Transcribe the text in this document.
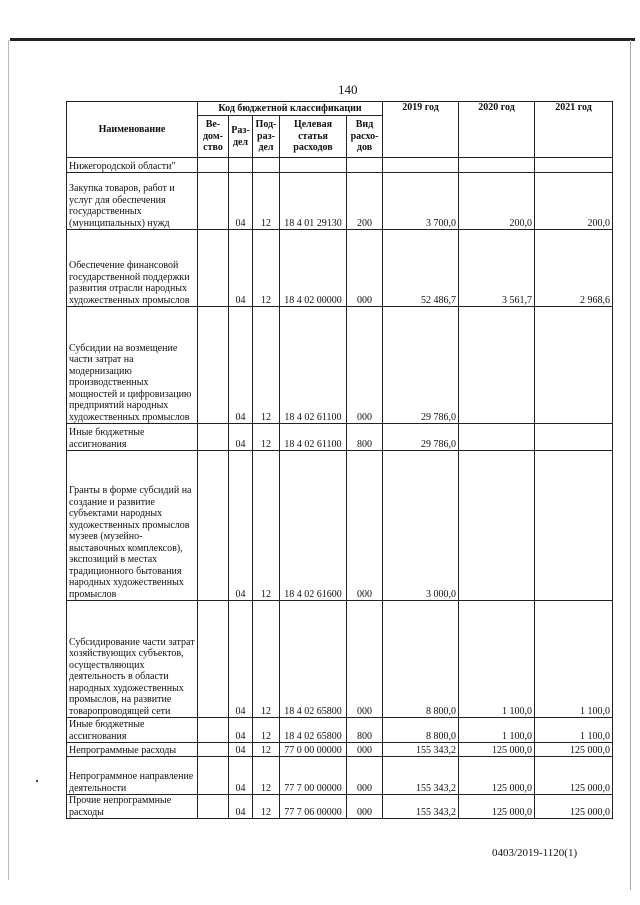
140
Наименование	Код бюджетной классификации					2019 год	2020 год	2021 год
	Ве-дом-ство	Раз-дел	Под-раз-дел	Целевая статья расходов	Вид расхо-дов			
Нижегородской области"								
Закупка товаров, работ и услуг для обеспечения государственных (муниципальных) нужд		04	12	18 4 01 29130	200	3 700,0	200,0	200,0
Обеспечение финансовой государственной поддержки развития отрасли народных художественных промыслов		04	12	18 4 02 00000	000	52 486,7	3 561,7	2 968,6
Субсидии на возмещение части затрат на модернизацию производственных мощностей и цифровизацию предприятий народных художественных промыслов		04	12	18 4 02 61100	000	29 786,0		
Иные бюджетные ассигнования		04	12	18 4 02 61100	800	29 786,0		
Гранты в форме субсидий на создание и развитие субъектами народных художественных промыслов музеев (музейно-выставочных комплексов), экспозиций в местах традиционного бытования народных художественных промыслов		04	12	18 4 02 61600	000	3 000,0		
Субсидирование части затрат хозяйствующих субъектов, осуществляющих деятельность в области народных художественных промыслов, на развитие товаропроводящей сети		04	12	18 4 02 65800	000	8 800,0	1 100,0	1 100,0
Иные бюджетные ассигнования		04	12	18 4 02 65800	800	8 800,0	1 100,0	1 100,0
Непрограммные расходы		04	12	77 0 00 00000	000	155 343,2	125 000,0	125 000,0
Непрограммное направление деятельности		04	12	77 7 00 00000	000	155 343,2	125 000,0	125 000,0
Прочие непрограммные расходы		04	12	77 7 06 00000	000	155 343,2	125 000,0	125 000,0
0403/2019-1120(1)
